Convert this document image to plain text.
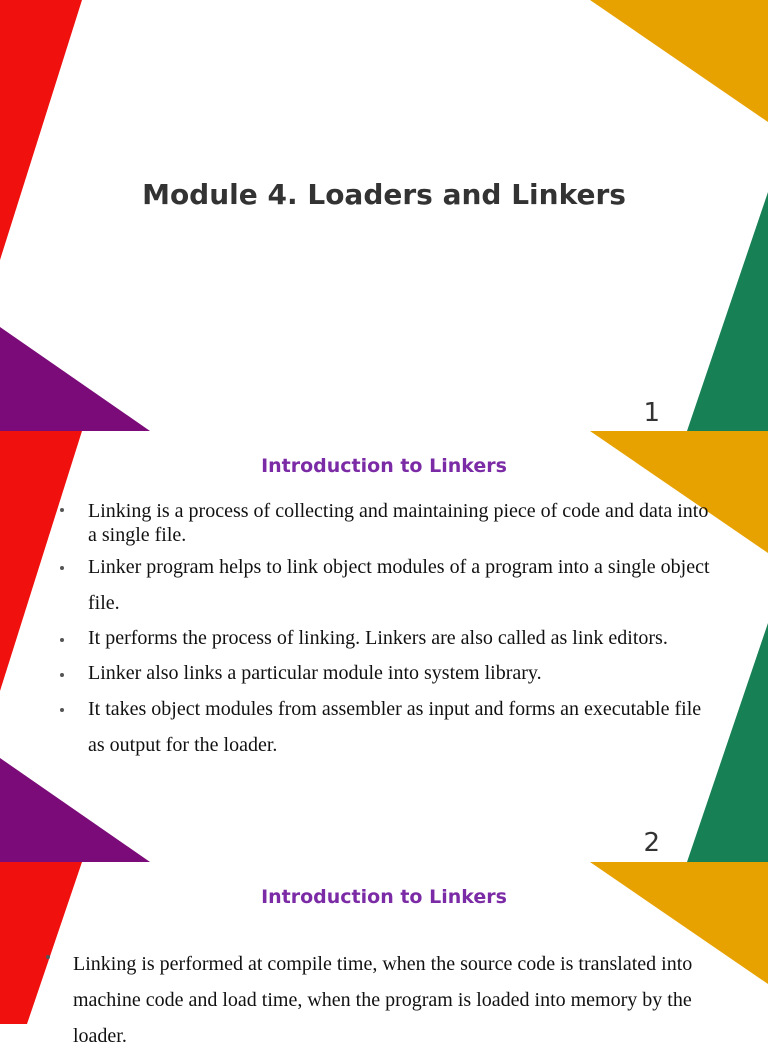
Module 4. Loaders and Linkers
1
Introduction to Linkers
Linking is a process of collecting and maintaining piece of code and data into a single file.
Linker program helps to link object modules of a program into a single object file.
It performs the process of linking. Linkers are also called as link editors.
Linker also links a particular module into system library.
It takes object modules from assembler as input and forms an executable file as output for the loader.
2
Introduction to Linkers
Linking is performed at compile time, when the source code is translated into machine code and load time, when the program is loaded into memory by the loader.
